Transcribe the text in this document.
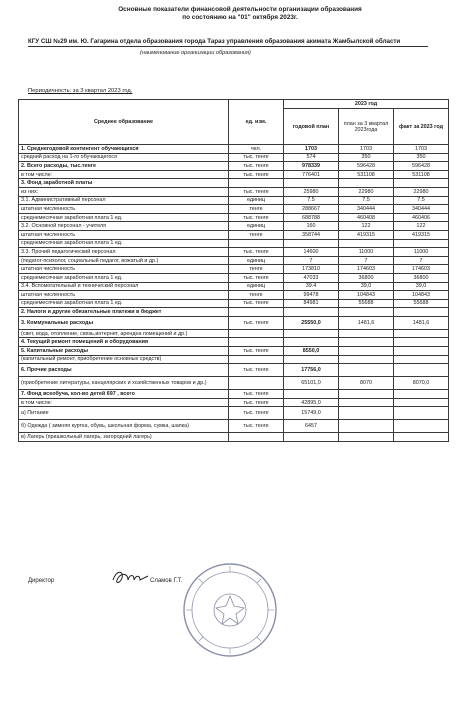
Основные показатели финансовой деятельности организации образования
по состоянию на "01" октября 2023г.
КГУ СШ №29 им. Ю. Гагарина отдела образования города Тараз управления образования акимата Жамбылской области
(наименование организации образования)
Периодичность: за 3 квартал 2023 год.
Среднее образование	ед. изм.	2023 год		
		годовой план	план за 3 квартал 2023года	факт за 2023 год
1. Среднегодовой контингент обучающихся	чел.	1703	1703	1703
средний расход на 1-го обучающегося	тыс. тенге	574	350	350
2. Всего расходы, тыс.тенге	тыс. тенге	978339	596428	596428
в том числе:	тыс. тенге	776401	531108	531108
3. Фонд заработной платы				
из них:	тыс. тенге	25980	22980	22980
3.1. Административный персонал	единиц	7.5	7.5	7.5
штатная численность	тенге	288667	340444	340444
среднемесячная заработная плата 1 ед.	тыс. тенге	688788	460408	460406
3.2. Основной персонал - учителя	единиц	160	122	122
штатная численность	тенге	358744	419315	419315
среднемесячная заработная плата 1 ед.				
3.3. Прочий педагогический персонал	тыс. тенге	14600	11000	11000
(педагог-психолог, социальный педагог, вожатый и др.)	единиц	7	7	7
штатная численность	тенге	173810	174603	174603
среднемесячная заработная плата 1 ед.	тыс. тенге	47033	36800	36800
3.4. Вспомогательный и технический персонал	единиц	39.4	39,0	39,0
штатная численность	тенге	99478	104843	104843
среднемесячная заработная плата 1 ед.	тыс. тенге	84981	55688	55688
2. Налоги и другие обязательные платежи в бюджет				
3. Коммунальные расходы	тыс. тенге	25550,0	1481,6	1481,6
(свет, вода, отопление, связь,интернет, арендна помещений и др.)				
4. Текущий ремонт помещений и оборудования				
5. Капитальные расходы	тыс. тенге	8550,0		
(капитальный ремонт, приобретение основных средств)				
6. Прочие расходы	тыс. тенге	17756,0		
(приобретение литературы, канцелярских и хозяйственных товаров и др.)		65101,0	8070	8070,0
7. Фонд всеобуча, кол-во детей 697 , всего	тыс. тенге			
в том числе:	тыс. тенге	42895,0		
а) Питание	тыс. тенге	15749,0		
б) Одежда ( зимняя куртка, обувь, школьная форма, сумка, шапка)	тыс. тенге	6457		
в) Лагерь (пришкольный лагерь, загородний лагерь)				
Директор	Сламов Г.Т.
